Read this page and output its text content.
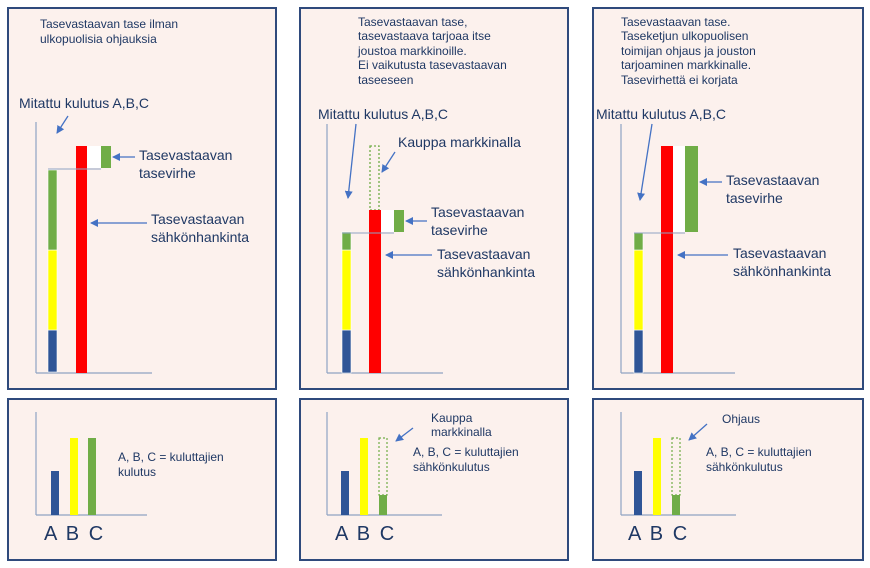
Tasevastaavan tase ilman
ulkopuolisia ohjauksia
Mitattu kulutus A,B,C
Tasevastaavan
tasevirhe
Tasevastaavan
sähkönhankinta
Tasevastaavan tase,
tasevastaava tarjoaa itse
joustoa markkinoille.
Ei vaikutusta tasevastaavan
taseeseen
Mitattu kulutus A,B,C
Kauppa markkinalla
Tasevastaavan
tasevirhe
Tasevastaavan
sähkönhankinta
Tasevastaavan tase.
Taseketjun ulkopuolisen
toimijan ohjaus ja jouston
tarjoaminen markkinalle.
Tasevirhettä ei korjata
Mitattu kulutus A,B,C
Tasevastaavan
tasevirhe
Tasevastaavan
sähkönhankinta
A, B, C = kuluttajien
kulutus
A B C
Kauppa
markkinalla
A, B, C = kuluttajien
sähkönkulutus
A B C
Ohjaus
A, B, C = kuluttajien
sähkönkulutus
A B C
